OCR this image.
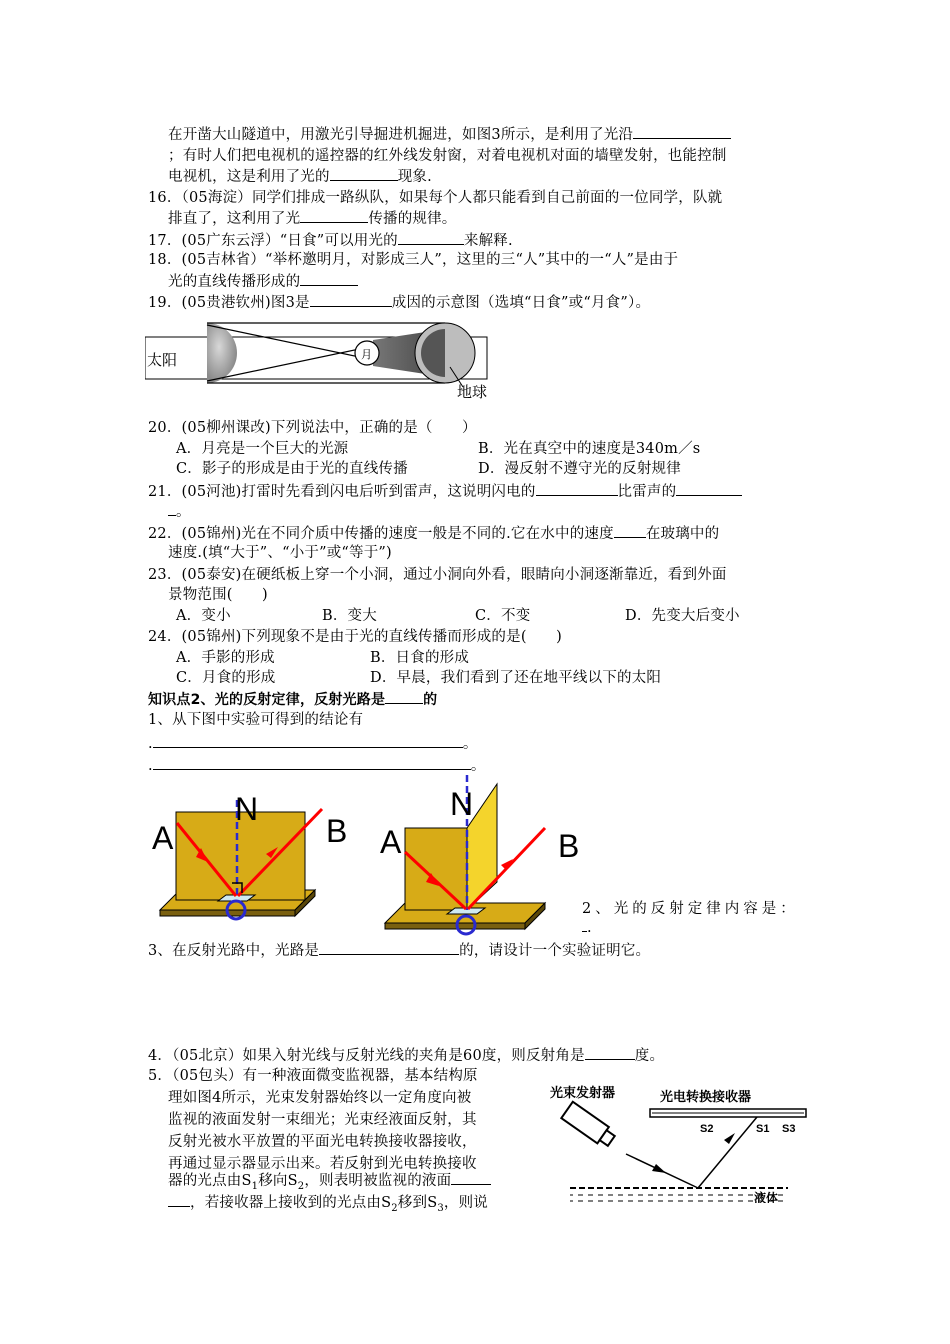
在开凿大山隧道中，用激光引导掘进机掘进，如图3所示，是利用了光沿
；有时人们把电视机的遥控器的红外线发射窗，对着电视机对面的墙壁发射，也能控制
电视机，这是利用了光的	现象.
16．（05海淀）同学们排成一路纵队，如果每个人都只能看到自己前面的一位同学，队就
排直了，这利用了光	传播的规律。
17．(05广东云浮）“日食”可以用光的	来解释.
18．(05吉林省）“举杯邀明月，对影成三人”，这里的三“人”其中的一“人”是由于
光的直线传播形成的
19．(05贵港钦州)图3是	成因的示意图（选填“日食”或“月食”）。
太阳	月
地球
20．(05柳州课改)下列说法中，正确的是（　　）
A．月亮是一个巨大的光源	B．光在真空中的速度是340m／s
C．影子的形成是由于光的直线传播	D．漫反射不遵守光的反射规律
21．(05河池)打雷时先看到闪电后听到雷声，这说明闪电的	比雷声的
。
22．(05锦州)光在不同介质中传播的速度一般是不同的.它在水中的速度 在玻璃中的
速度.(填“大于”、“小于”或“等于”)
23．(05泰安)在硬纸板上穿一个小洞，通过小洞向外看，眼睛向小洞逐渐靠近，看到外面
景物范围(　　)
A．变小	B．变大	C．不变	D．先变大后变小
24．(05锦州)下列现象不是由于光的直线传播而形成的是(　　)
A．手影的形成	B．日食的形成
C．月食的形成	D．早晨，我们看到了还在地平线以下的太阳
知识点2、光的反射定律，反射光路是	的
1、从下图中实验可得到的结论有
.	。
.	。
N
A	B
N
A	B
2、光的反射定律内容是：
.
3、在反射光路中，光路是	的，请设计一个实验证明它。
4．（05北京）如果入射光线与反射光线的夹角是60度，则反射角是	度。
5．（05包头）有一种液面微变监视器，基本结构原
理如图4所示，光束发射器始终以一定角度向被
监视的液面发射一束细光；光束经液面反射，其
反射光被水平放置的平面光电转换接收器接收，
再通过显示器显示出来。若反射到光电转换接收
器的光点由$S_1$移向$S_2$，则表明被监视的液面
，若接收器上接收到的光点由$S_2$移到$S_3$，则说
光束发射器	光电转换接收器
S2	S1 S3
液体
